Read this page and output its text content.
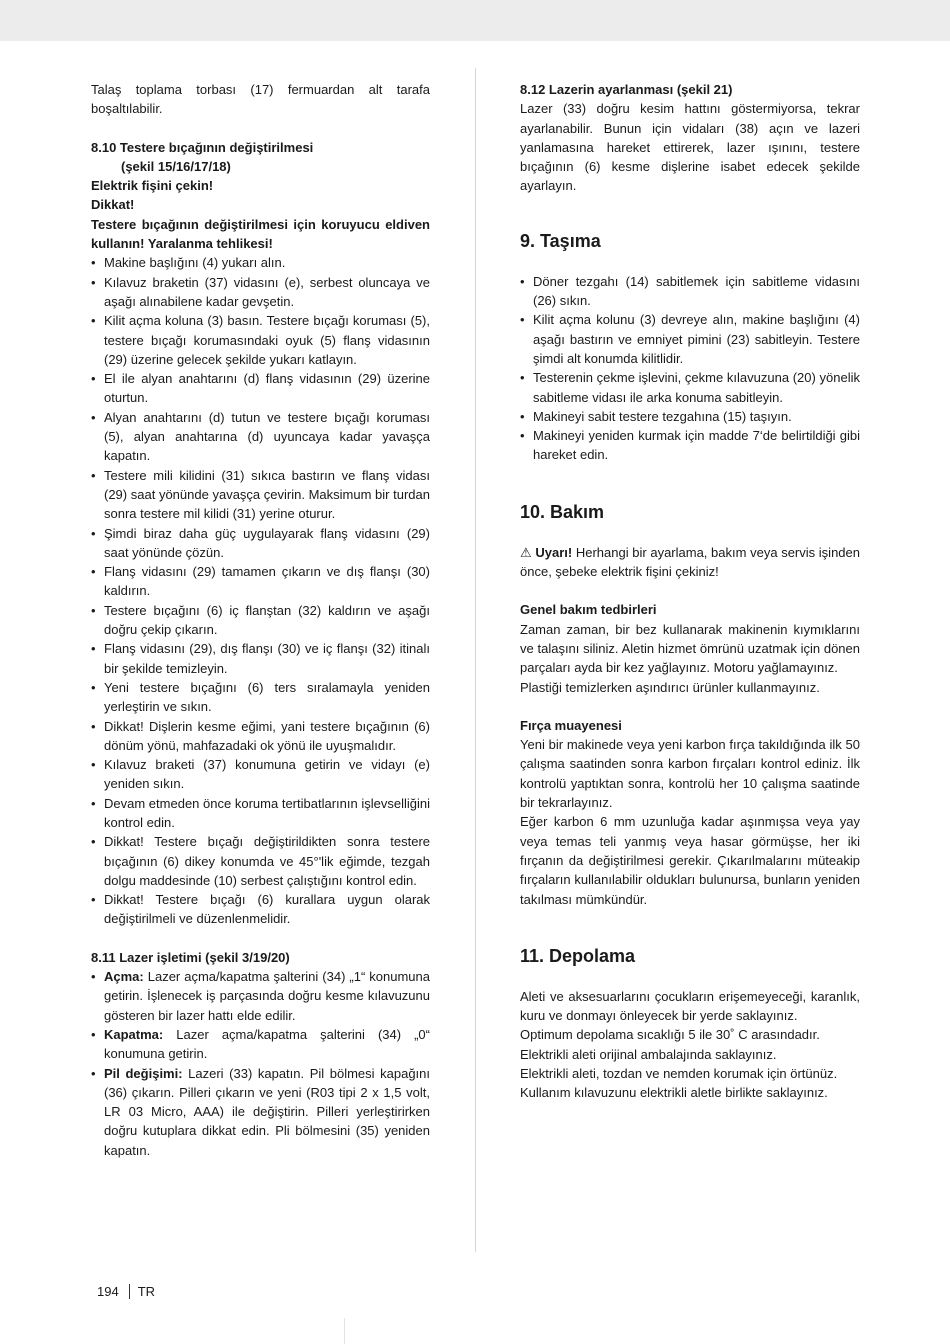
Talaş toplama torbası (17) fermuardan alt tarafa boşaltılabilir.

8.10 Testere bıçağının değiştirilmesi

(şekil 15/16/17/18)

Elektrik fişini çekin!

Dikkat!

Testere bıçağının değiştirilmesi için koruyucu eldiven kullanın! Yaralanma tehlikesi!

• Makine başlığını (4) yukarı alın.
• Kılavuz braketin (37) vidasını (e), serbest oluncaya ve aşağı alınabilene kadar gevşetin.
• Kilit açma koluna (3) basın. Testere bıçağı koruması (5), testere bıçağı korumasındaki oyuk (5) flanş vidasının (29) üzerine gelecek şekilde yukarı katlayın.
• El ile alyan anahtarını (d) flanş vidasının (29) üzerine oturtun.
• Alyan anahtarını (d) tutun ve testere bıçağı koruması (5), alyan anahtarına (d) uyuncaya kadar yavaşça kapatın.
• Testere mili kilidini (31) sıkıca bastırın ve flanş vidası (29) saat yönünde yavaşça çevirin. Maksimum bir turdan sonra testere mil kilidi (31) yerine oturur.
• Şimdi biraz daha güç uygulayarak flanş vidasını (29) saat yönünde çözün.
• Flanş vidasını (29) tamamen çıkarın ve dış flanşı (30) kaldırın.
• Testere bıçağını (6) iç flanştan (32) kaldırın ve aşağı doğru çekip çıkarın.
• Flanş vidasını (29), dış flanşı (30) ve iç flanşı (32) itinalı bir şekilde temizleyin.
• Yeni testere bıçağını (6) ters sıralamayla yeniden yerleştirin ve sıkın.
• Dikkat! Dişlerin kesme eğimi, yani testere bıçağının (6) dönüm yönü, mahfazadaki ok yönü ile uyuşmalıdır.
• Kılavuz braketi (37) konumuna getirin ve vidayı (e) yeniden sıkın.
• Devam etmeden önce koruma tertibatlarının işlevselliğini kontrol edin.
• Dikkat! Testere bıçağı değiştirildikten sonra testere bıçağının (6) dikey konumda ve 45°'lik eğimde, tezgah dolgu maddesinde (10) serbest çalıştığını kontrol edin.
• Dikkat! Testere bıçağı (6) kurallara uygun olarak değiştirilmeli ve düzenlenmelidir.

8.11 Lazer işletimi (şekil 3/19/20)

• Açma: Lazer açma/kapatma şalterini (34) „1“ konumuna getirin. İşlenecek iş parçasında doğru kesme kılavuzunu gösteren bir lazer hattı elde edilir.
• Kapatma: Lazer açma/kapatma şalterini (34) „0“ konumuna getirin.
• Pil değişimi: Lazeri (33) kapatın. Pil bölmesi kapağını (36) çıkarın. Pilleri çıkarın ve yeni (R03 tipi 2 x 1,5 volt, LR 03 Micro, AAA) ile değiştirin. Pilleri yerleştirirken doğru kutuplara dikkat edin. Pli bölmesini (35) yeniden kapatın.

8.12 Lazerin ayarlanması (şekil 21)

Lazer (33) doğru kesim hattını göstermiyorsa, tekrar ayarlanabilir. Bunun için vidaları (38) açın ve lazeri yanlamasına hareket ettirerek, lazer ışınını, testere bıçağının (6) kesme dişlerine isabet edecek şekilde ayarlayın.

9. Taşıma
• Döner tezgahı (14) sabitlemek için sabitleme vidasını (26) sıkın.
• Kilit açma kolunu (3) devreye alın, makine başlığını (4) aşağı bastırın ve emniyet pimini (23) sabitleyin. Testere şimdi alt konumda kilitlidir.
• Testerenin çekme işlevini, çekme kılavuzuna (20) yönelik sabitleme vidası ile arka konuma sabitleyin.
• Makineyi sabit testere tezgahına (15) taşıyın.
• Makineyi yeniden kurmak için madde 7‘de belirtildiği gibi hareket edin.
10. Bakım

⚠ Uyarı! Herhangi bir ayarlama, bakım veya servis işinden önce, şebeke elektrik fişini çekiniz!

Genel bakım tedbirleri

Zaman zaman, bir bez kullanarak makinenin kıymıklarını ve talaşını siliniz. Aletin hizmet ömrünü uzatmak için dönen parçaları ayda bir kez yağlayınız. Motoru yağlamayınız.

Plastiği temizlerken aşındırıcı ürünler kullanmayınız.

Fırça muayenesi

Yeni bir makinede veya yeni karbon fırça takıldığında ilk 50 çalışma saatinden sonra karbon fırçaları kontrol ediniz. İlk kontrolü yaptıktan sonra, kontrolü her 10 çalışma saatinde bir tekrarlayınız.

Eğer karbon 6 mm uzunluğa kadar aşınmışsa veya yay veya temas teli yanmış veya hasar görmüşse, her iki fırçanın da değiştirilmesi gerekir. Çıkarılmalarını müteakip fırçaların kullanılabilir oldukları bulunursa, bunların yeniden takılması mümkündür.

11. Depolama

Aleti ve aksesuarlarını çocukların erişemeyeceği, karanlık, kuru ve donmayı önleyecek bir yerde saklayınız.

Optimum depolama sıcaklığı 5 ile 30˚ C arasındadır.

Elektrikli aleti orijinal ambalajında saklayınız.

Elektrikli aleti, tozdan ve nemden korumak için örtünüz.

Kullanım kılavuzunu elektrikli aletle birlikte saklayınız.

194 TR
